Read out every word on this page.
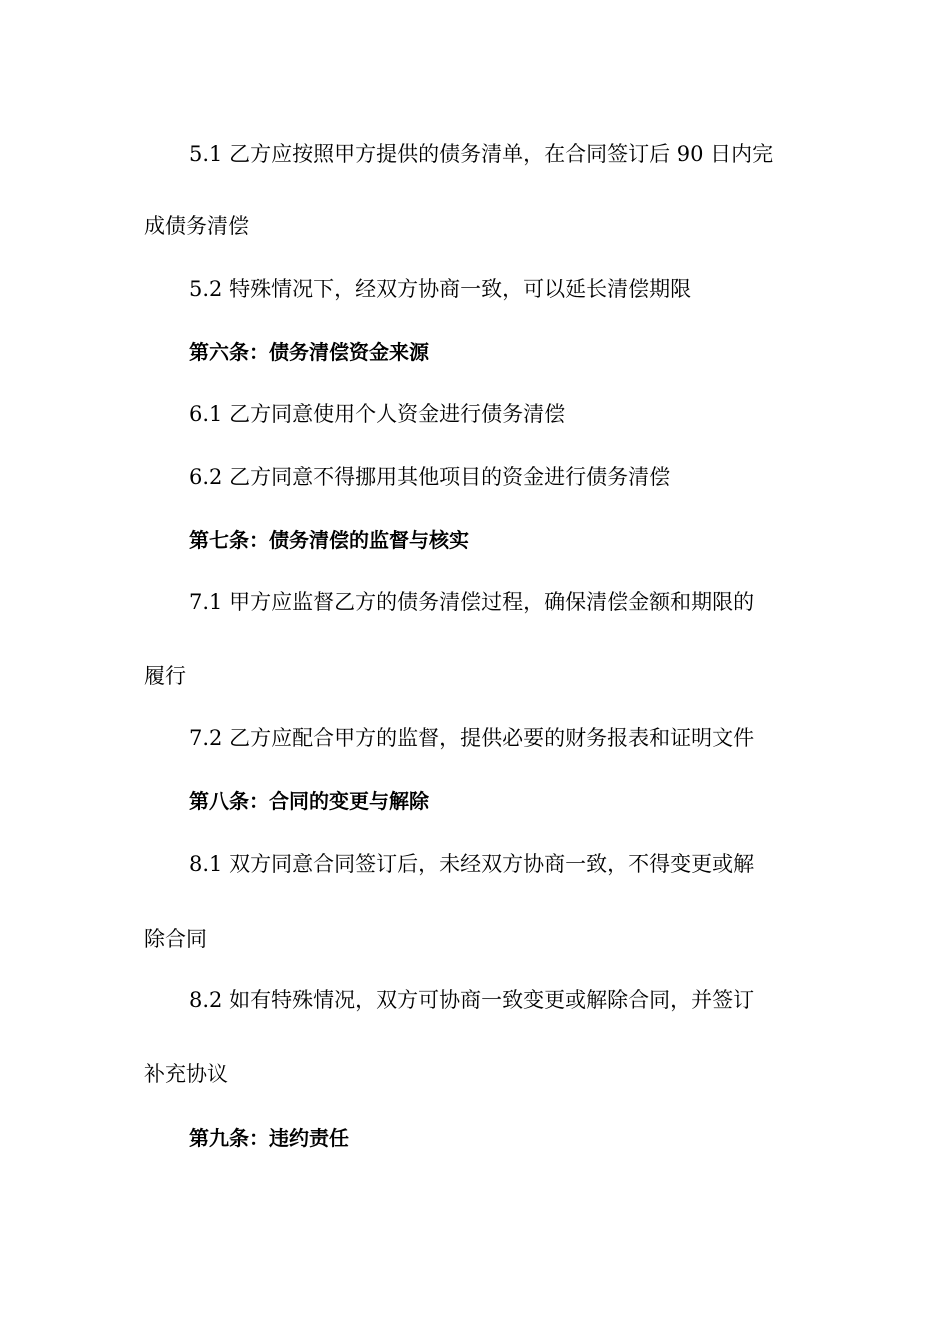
5.1 乙方应按照甲方提供的债务清单，在合同签订后 90 日内完
成债务清偿
5.2 特殊情况下，经双方协商一致，可以延长清偿期限
第六条：债务清偿资金来源
6.1 乙方同意使用个人资金进行债务清偿
6.2 乙方同意不得挪用其他项目的资金进行债务清偿
第七条：债务清偿的监督与核实
7.1 甲方应监督乙方的债务清偿过程，确保清偿金额和期限的
履行
7.2 乙方应配合甲方的监督，提供必要的财务报表和证明文件
第八条：合同的变更与解除
8.1 双方同意合同签订后，未经双方协商一致，不得变更或解
除合同
8.2 如有特殊情况，双方可协商一致变更或解除合同，并签订
补充协议
第九条：违约责任
